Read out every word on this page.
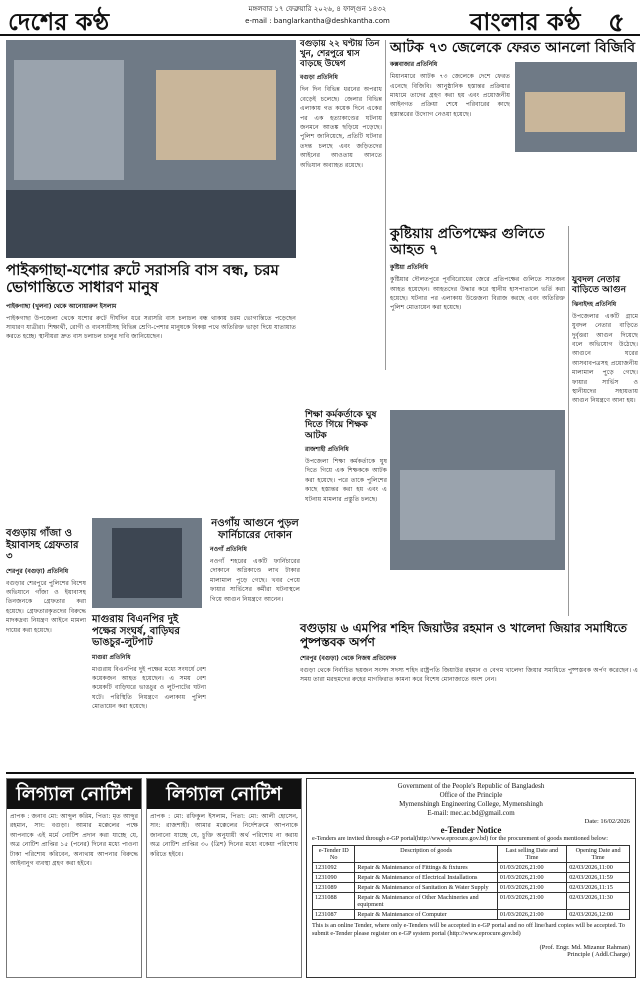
দেশের কণ্ঠ	মঙ্গলবার ১৭ ফেব্রুয়ারি ২০২৬, ৪ ফাল্গুন ১৪৩২
e-mail : banglarkantha@deshkantha.com	বাংলার কণ্ঠ ৫
বগুড়ায় ২২ ঘণ্টায় তিন খুন, শেরপুরে শ্বাস বাড়ছে উদ্বেগ
বগুড়া প্রতিনিধি
দিন দিন বিভিন্ন ধরনের অপরাধ বেড়েই চলেছে। জেলার বিভিন্ন এলাকায় গত কয়েক দিনে একের পর এক হত্যাকাণ্ডের ঘটনায় জনমনে আতঙ্ক ছড়িয়ে পড়েছে। পুলিশ জানিয়েছে, প্রতিটি ঘটনার তদন্ত চলছে এবং জড়িতদের আইনের আওতায় আনতে অভিযান অব্যাহত রয়েছে।
আটক ৭৩ জেলেকে ফেরত আনলো বিজিবি
কক্সবাজার প্রতিনিধি
মিয়ানমারে আটক ৭৩ জেলেকে দেশে ফেরত এনেছে বিজিবি। আনুষ্ঠানিক হস্তান্তর প্রক্রিয়ার মাধ্যমে তাদের গ্রহণ করা হয় এবং প্রয়োজনীয় আইনগত প্রক্রিয়া শেষে পরিবারের কাছে হস্তান্তরের উদ্যোগ নেওয়া হয়েছে।
পাইকগাছা-যশোর রুটে সরাসরি বাস বন্ধ, চরম ভোগান্তিতে সাধারণ মানুষ
পাইকগাছা (খুলনা) থেকে আনোয়ারুল ইসলাম
পাইকগাছা উপজেলা থেকে যশোর রুটে দীর্ঘদিন ধরে সরাসরি বাস চলাচল বন্ধ থাকায় চরম ভোগান্তিতে পড়েছেন সাধারণ যাত্রীরা। শিক্ষার্থী, রোগী ও ব্যবসায়ীসহ বিভিন্ন শ্রেণি-পেশার মানুষকে বিকল্প পথে অতিরিক্ত ভাড়া দিয়ে যাতায়াত করতে হচ্ছে। স্থানীয়রা দ্রুত বাস চলাচল চালুর দাবি জানিয়েছেন।
কুষ্টিয়ায় প্রতিপক্ষের গুলিতে আহত ৭
কুষ্টিয়া প্রতিনিধি
কুষ্টিয়ার দৌলতপুরে পূর্ববিরোধের জেরে প্রতিপক্ষের গুলিতে সাতজন আহত হয়েছেন। আহতদের উদ্ধার করে স্থানীয় হাসপাতালে ভর্তি করা হয়েছে। ঘটনার পর এলাকায় উত্তেজনা বিরাজ করছে এবং অতিরিক্ত পুলিশ মোতায়েন করা হয়েছে।
যুবদল নেতার বাড়িতে আগুন
ঝিনাইদহ প্রতিনিধি
উপজেলার একটি গ্রামে যুবদল নেতার বাড়িতে দুর্বৃত্তরা আগুন দিয়েছে বলে অভিযোগ উঠেছে। আগুনে ঘরের আসবাবপত্রসহ প্রয়োজনীয় মালামাল পুড়ে গেছে। ফায়ার সার্ভিস ও স্থানীয়দের সহায়তায় আগুন নিয়ন্ত্রণে আনা হয়।
বগুড়ায় গাঁজা ও ইয়াবাসহ গ্রেফতার ৩
শেরপুর (বগুড়া) প্রতিনিধি
বগুড়ার শেরপুরে পুলিশের বিশেষ অভিযানে গাঁজা ও ইয়াবাসহ তিনজনকে গ্রেফতার করা হয়েছে। গ্রেফতারকৃতদের বিরুদ্ধে মাদকদ্রব্য নিয়ন্ত্রণ আইনে মামলা দায়ের করা হয়েছে।
নওগাঁয় আগুনে পুড়ল ফার্নিচারের দোকান
নওগাঁ প্রতিনিধি
নওগাঁ শহরের একটি ফার্নিচারের দোকানে অগ্নিকাণ্ডে লাখ টাকার মালামাল পুড়ে গেছে। খবর পেয়ে ফায়ার সার্ভিসের কর্মীরা ঘটনাস্থলে গিয়ে আগুন নিয়ন্ত্রণে আনেন।
মাগুরায় বিএনপির দুই পক্ষের সংঘর্ষ, বাড়িঘর ভাঙচুর-লুটপাট
মাগুরা প্রতিনিধি
মাগুরায় বিএনপির দুই পক্ষের মধ্যে সংঘর্ষে বেশ কয়েকজন আহত হয়েছেন। এ সময় বেশ কয়েকটি বাড়িঘরে ভাঙচুর ও লুটপাটের ঘটনা ঘটে। পরিস্থিতি নিয়ন্ত্রণে এলাকায় পুলিশ মোতায়েন করা হয়েছে।
শিক্ষা কর্মকর্তাকে ঘুষ দিতে গিয়ে শিক্ষক আটক
রাজশাহী প্রতিনিধি
উপজেলা শিক্ষা কর্মকর্তাকে ঘুষ দিতে গিয়ে এক শিক্ষককে আটক করা হয়েছে। পরে তাকে পুলিশের কাছে হস্তান্তর করা হয় এবং এ ঘটনায় মামলার প্রস্তুতি চলছে।
বগুড়ায় ৬ এমপির শহিদ জিয়াউর রহমান ও খালেদা জিয়ার সমাধিতে পুষ্পস্তবক অর্পণ
শেরপুর (বগুড়া) থেকে নিজস্ব প্রতিবেদক
বগুড়া থেকে নির্বাচিত ছয়জন সংসদ সদস্য শহিদ রাষ্ট্রপতি জিয়াউর রহমান ও বেগম খালেদা জিয়ার সমাধিতে পুষ্পস্তবক অর্পণ করেছেন। এ সময় তারা মরহুমদের রুহের মাগফিরাত কামনা করে বিশেষ মোনাজাতে অংশ নেন।
লিগ্যাল নোটিশ
প্রাপক : জনাব মো: আব্দুল করিম, পিতা: মৃত আব্দুর রহমান, সাং: বগুড়া। আমার মক্কেলের পক্ষে আপনাকে এই মর্মে নোটিশ প্রদান করা যাচ্ছে যে, অত্র নোটিশ প্রাপ্তির ১৫ (পনের) দিনের মধ্যে পাওনা টাকা পরিশোধ করিবেন, অন্যথায় আপনার বিরুদ্ধে আইনানুগ ব্যবস্থা গ্রহণ করা হইবে।
লিগ্যাল নোটিশ
প্রাপক : মো: রফিকুল ইসলাম, পিতা: মো: আলী হোসেন, সাং: রাজশাহী। আমার মক্কেলের নির্দেশক্রমে আপনাকে জানানো যাচ্ছে যে, চুক্তি অনুযায়ী অর্থ পরিশোধ না করায় অত্র নোটিশ প্রাপ্তির ৩০ (ত্রিশ) দিনের মধ্যে বকেয়া পরিশোধ করিতে হইবে।
Government of the People's Republic of Bangladesh
Office of the Principle
Mymenshingh Engineering College, Mymenshingh
E-mail: mec.ac.bd@gmail.com
Date: 16/02/2026
e-Tender Notice
e-Tenders are invited through e-GP portal(http://www.eprocure.gov.bd) for the procurement of goods mentioned below:
e-Tender ID No	Description of goods	Last selling Date and Time	Opening Date and Time
1231092	Repair & Maintenance of Fittings & fixtures	01/03/2026,21:00	02/03/2026,11:00
1231090	Repair & Maintenance of Electrical Installations	01/03/2026,21:00	02/03/2026,11:59
1231089	Repair & Maintenance of Sanitation & Water Supply	01/03/2026,21:00	02/03/2026,11:15
1231088	Repair & Maintenance of Other Machineries and equipment	01/03/2026,21:00	02/03/2026,11:30
1231087	Repair & Maintenance of Computer	01/03/2026,21:00	02/03/2026,12:00
This is an online Tender, where only e-Tenders will be accepted in e-GP portal and no off line/hard copies will be accepted. To submit e-Tender please register on e-GP system portal (http://www.eprocure.gov.bd)
(Prof. Engr. Md. Mizanur Rahman)
Principle ( Addl.Charge)
